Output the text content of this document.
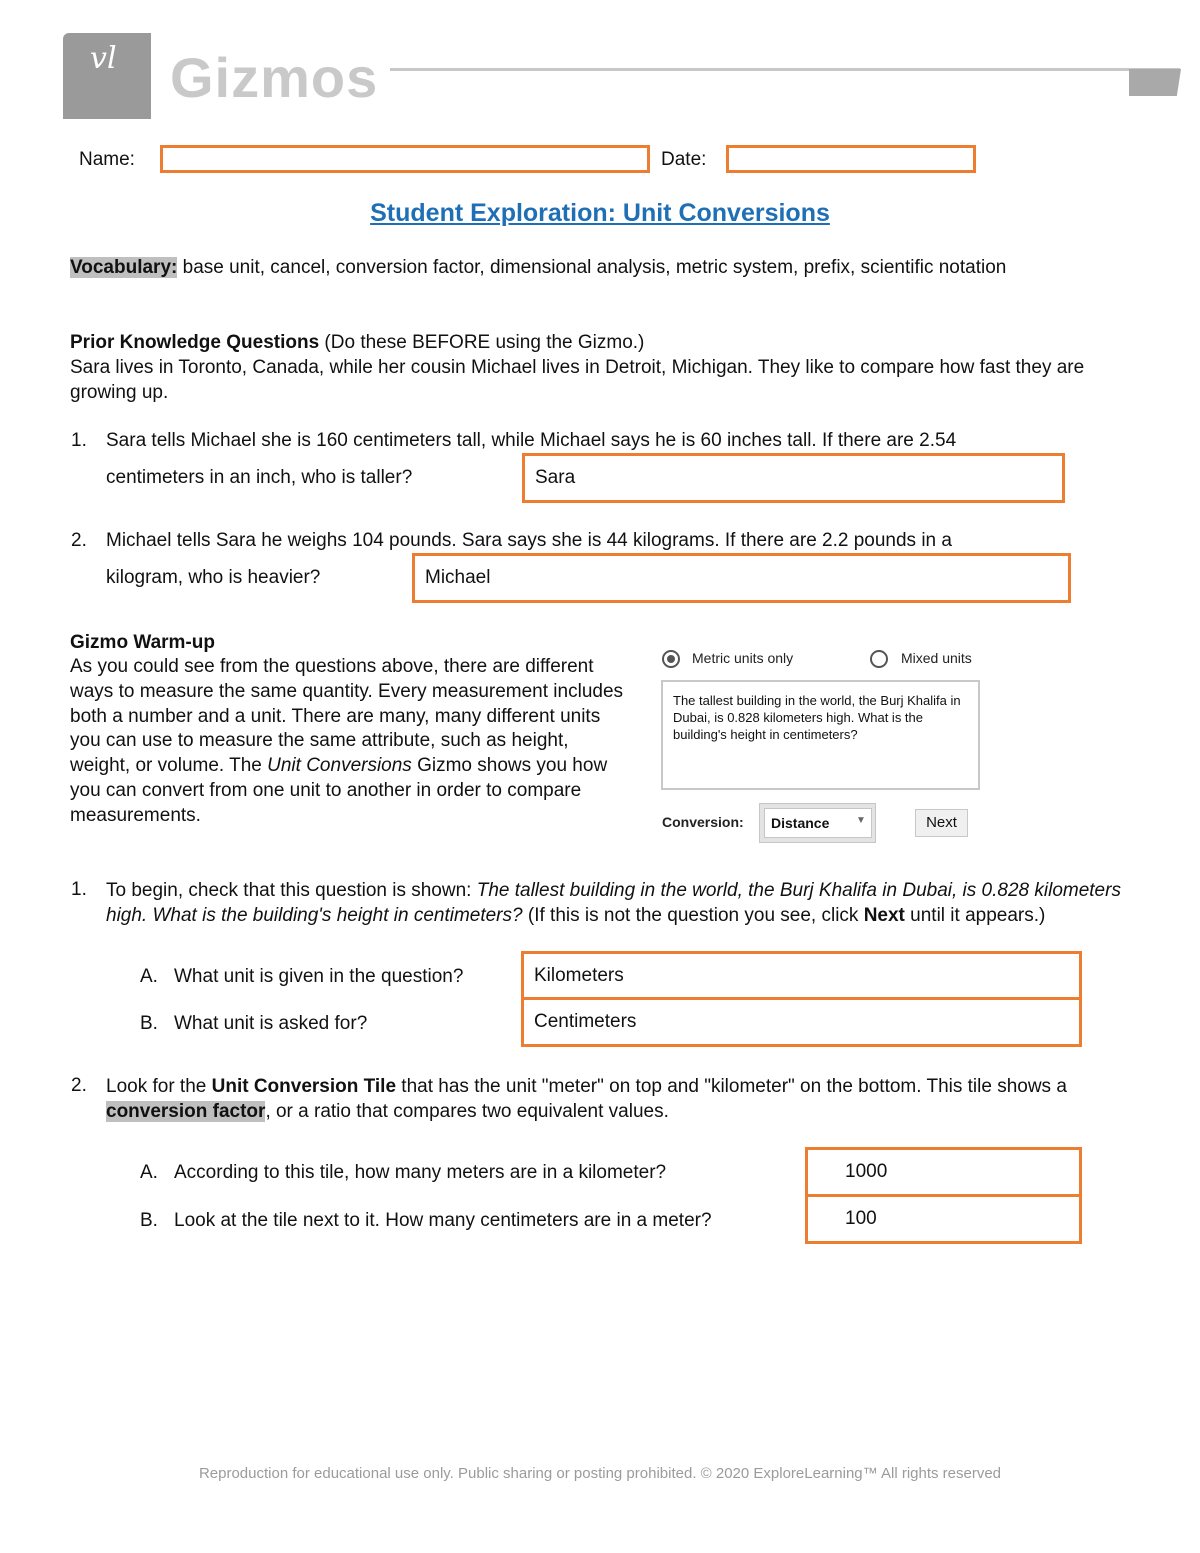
vl Gizmos
Name:	Date:
Student Exploration: Unit Conversions
Vocabulary: base unit, cancel, conversion factor, dimensional analysis, metric system, prefix, scientific notation
Prior Knowledge Questions (Do these BEFORE using the Gizmo.)
Sara lives in Toronto, Canada, while her cousin Michael lives in Detroit, Michigan. They like to compare how fast they are growing up.
1. Sara tells Michael she is 160 centimeters tall, while Michael says he is 60 inches tall. If there are 2.54
centimeters in an inch, who is taller?	Sara
2. Michael tells Sara he weighs 104 pounds. Sara says she is 44 kilograms. If there are 2.2 pounds in a
kilogram, who is heavier?	Michael
Gizmo Warm-up
As you could see from the questions above, there are different ways to measure the same quantity. Every measurement includes both a number and a unit. There are many, many different units you can use to measure the same attribute, such as height, weight, or volume. The Unit Conversions Gizmo shows you how you can convert from one unit to another in order to compare measurements.
Metric units only	Mixed units
The tallest building in the world, the Burj Khalifa in Dubai, is 0.828 kilometers high. What is the building's height in centimeters?
Conversion:	Distance	▼	Next
1. To begin, check that this question is shown: The tallest building in the world, the Burj Khalifa in Dubai, is 0.828 kilometers high. What is the building's height in centimeters? (If this is not the question you see, click Next until it appears.)
A. What unit is given in the question?	Kilometers
B. What unit is asked for?	Centimeters
2. Look for the Unit Conversion Tile that has the unit "meter" on top and "kilometer" on the bottom. This tile shows a conversion factor, or a ratio that compares two equivalent values.
A. According to this tile, how many meters are in a kilometer?	1000
B. Look at the tile next to it. How many centimeters are in a meter?	100
Reproduction for educational use only. Public sharing or posting prohibited. © 2020 ExploreLearning™ All rights reserved
